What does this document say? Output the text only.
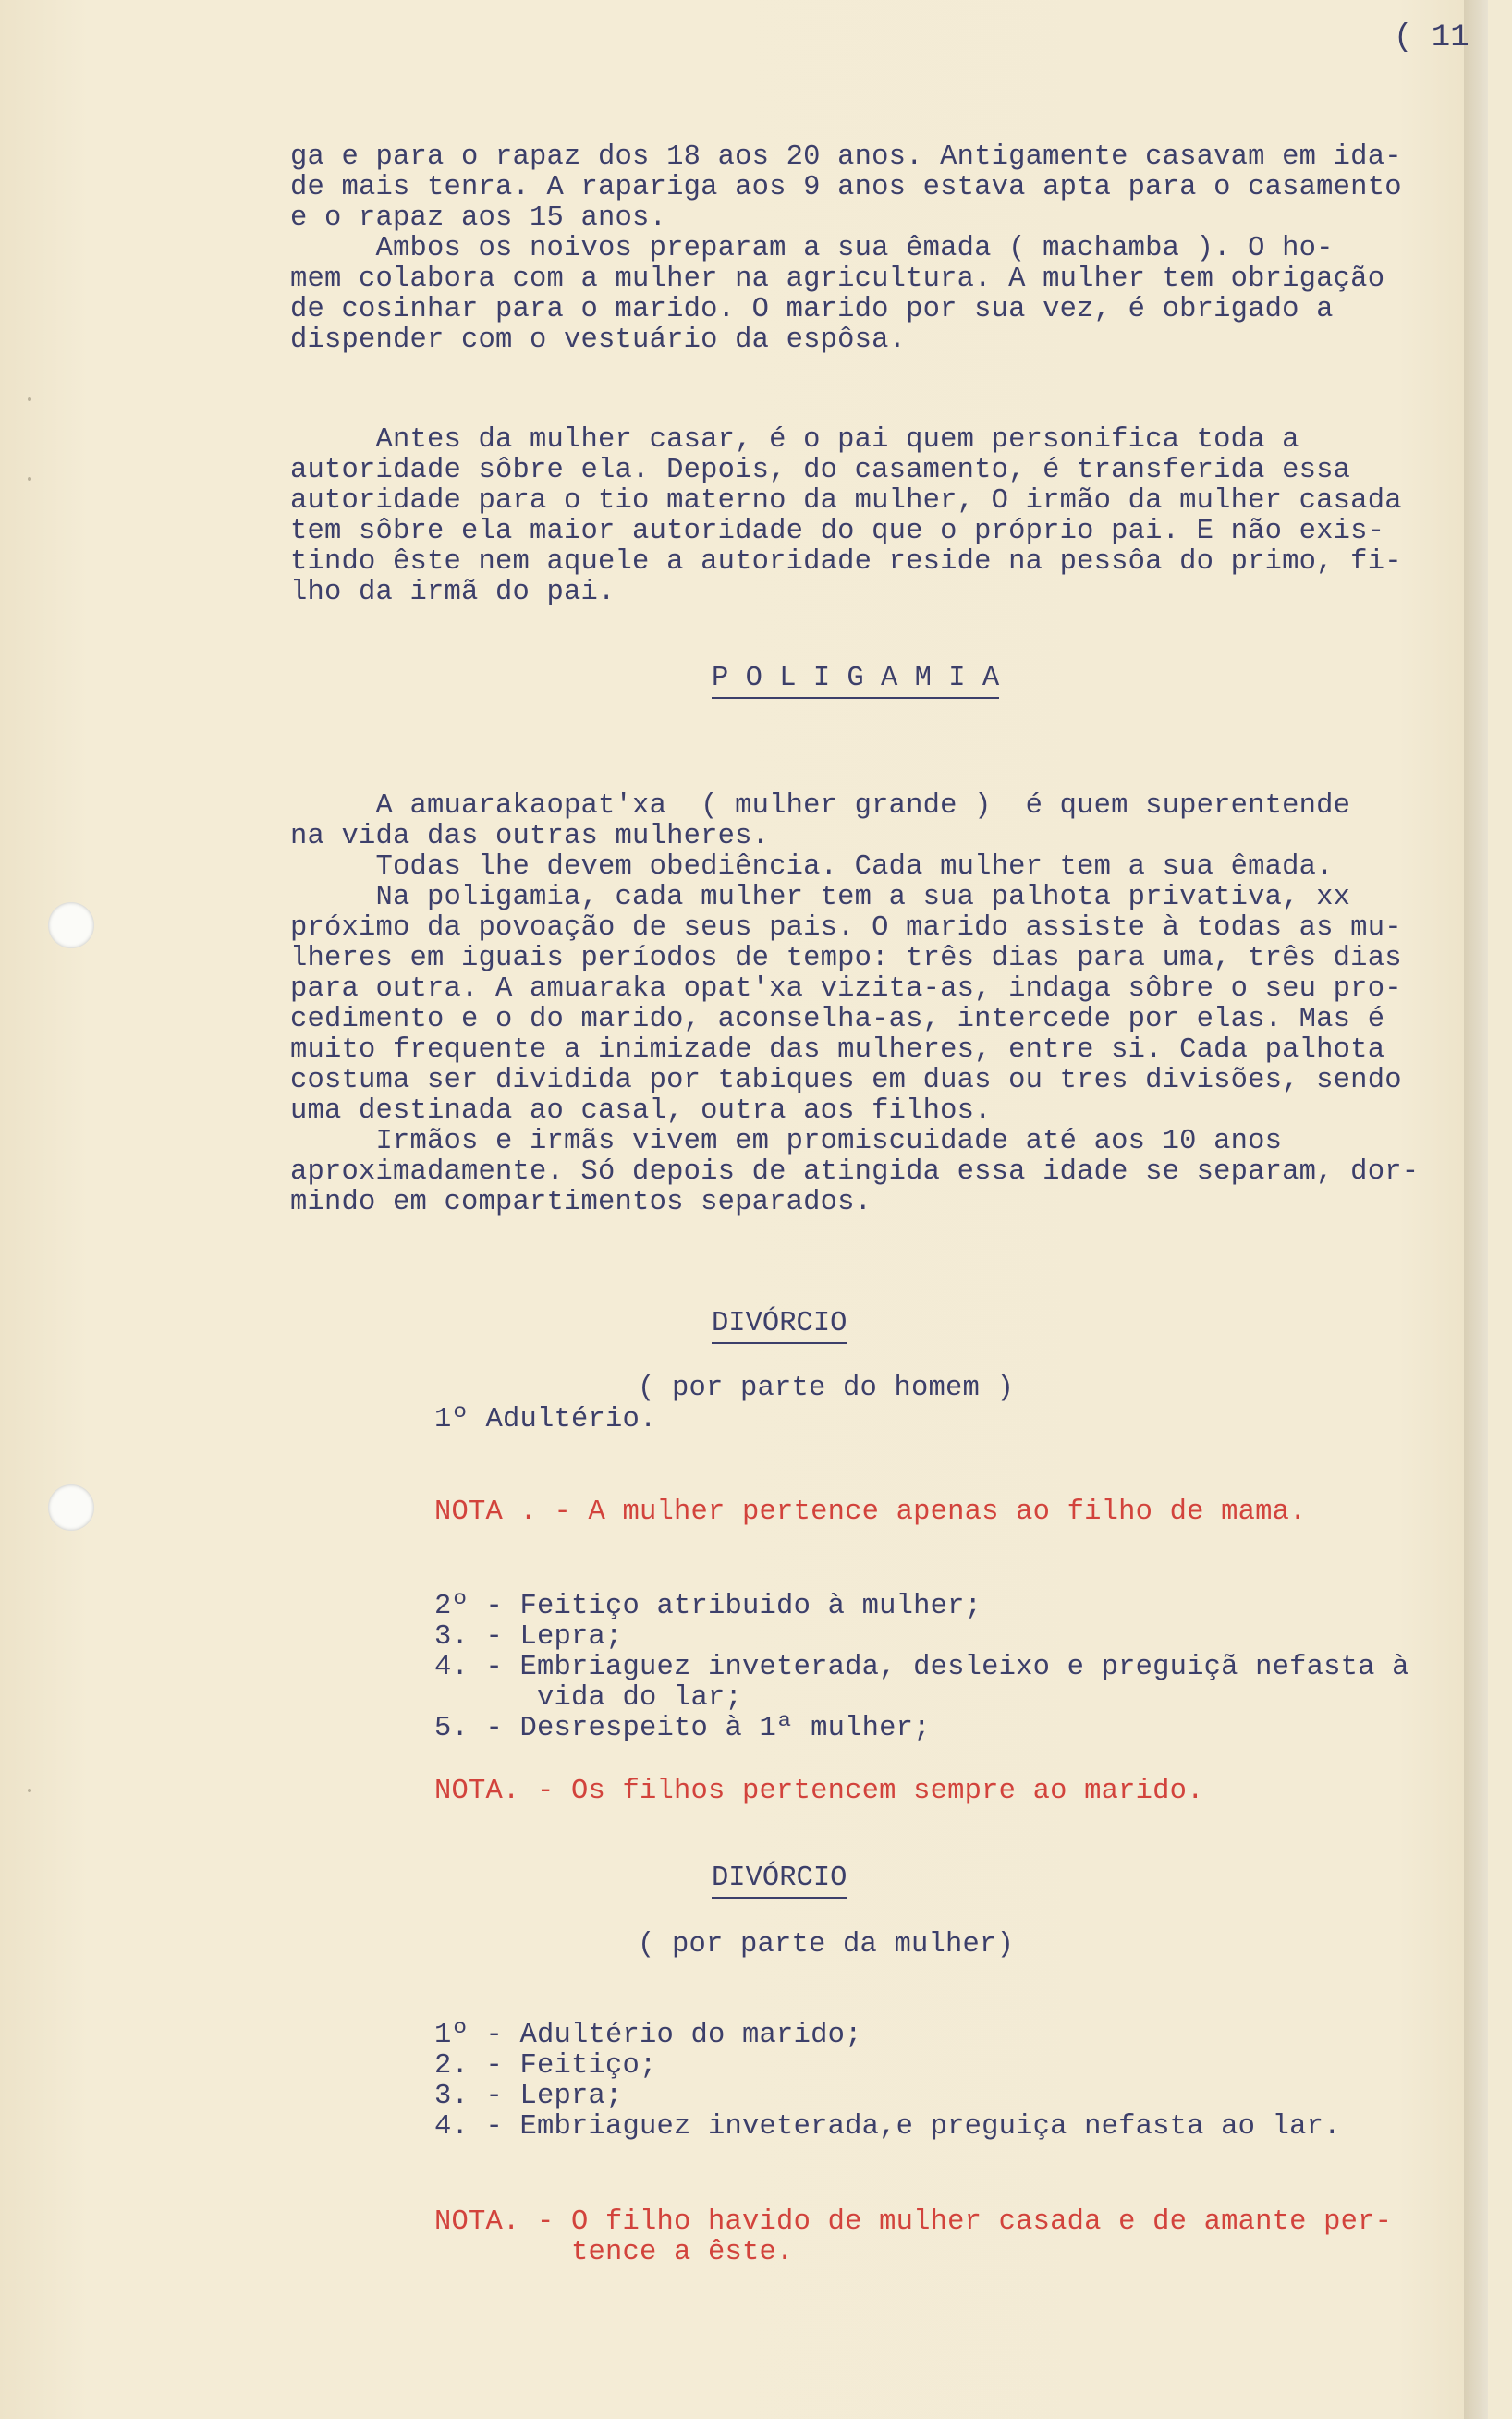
( 11
ga e para o rapaz dos 18 aos 20 anos. Antigamente casavam em ida-
de mais tenra. A rapariga aos 9 anos estava apta para o casamento
e o rapaz aos 15 anos.
Ambos os noivos preparam a sua êmada ( machamba ). O ho-
mem colabora com a mulher na agricultura. A mulher tem obrigação
de cosinhar para o marido. O marido por sua vez, é obrigado a
dispender com o vestuário da espôsa.
Antes da mulher casar, é o pai quem personifica toda a
autoridade sôbre ela. Depois, do casamento, é transferida essa
autoridade para o tio materno da mulher, O irmão da mulher casada
tem sôbre ela maior autoridade do que o próprio pai. E não exis-
tindo êste nem aquele a autoridade reside na pessôa do primo, fi-
lho da irmã do pai.
P O L I G A M I A
A amuarakaopat'xa  ( mulher grande )  é quem superentende
na vida das outras mulheres.
Todas lhe devem obediência. Cada mulher tem a sua êmada.
Na poligamia, cada mulher tem a sua palhota privativa, xx
próximo da povoação de seus pais. O marido assiste à todas as mu-
lheres em iguais períodos de tempo: três dias para uma, três dias
para outra. A amuaraka opat'xa vizita-as, indaga sôbre o seu pro-
cedimento e o do marido, aconselha-as, intercede por elas. Mas é
muito frequente a inimizade das mulheres, entre si. Cada palhota
costuma ser dividida por tabiques em duas ou tres divisões, sendo
uma destinada ao casal, outra aos filhos.
Irmãos e irmãs vivem em promiscuidade até aos 10 anos
aproximadamente. Só depois de atingida essa idade se separam, dor-
mindo em compartimentos separados.
DIVÓRCIO
( por parte do homem )
1º Adultério.
NOTA . - A mulher pertence apenas ao filho de mama.
2º - Feitiço atribuido à mulher;
3. - Lepra;
4. - Embriaguez inveterada, desleixo e preguiçã nefasta à
vida do lar;
5. - Desrespeito à 1ª mulher;
NOTA. - Os filhos pertencem sempre ao marido.
DIVÓRCIO
( por parte da mulher)
1º - Adultério do marido;
2. - Feitiço;
3. - Lepra;
4. - Embriaguez inveterada,e preguiça nefasta ao lar.
NOTA. - O filho havido de mulher casada e de amante per-
tence a êste.
